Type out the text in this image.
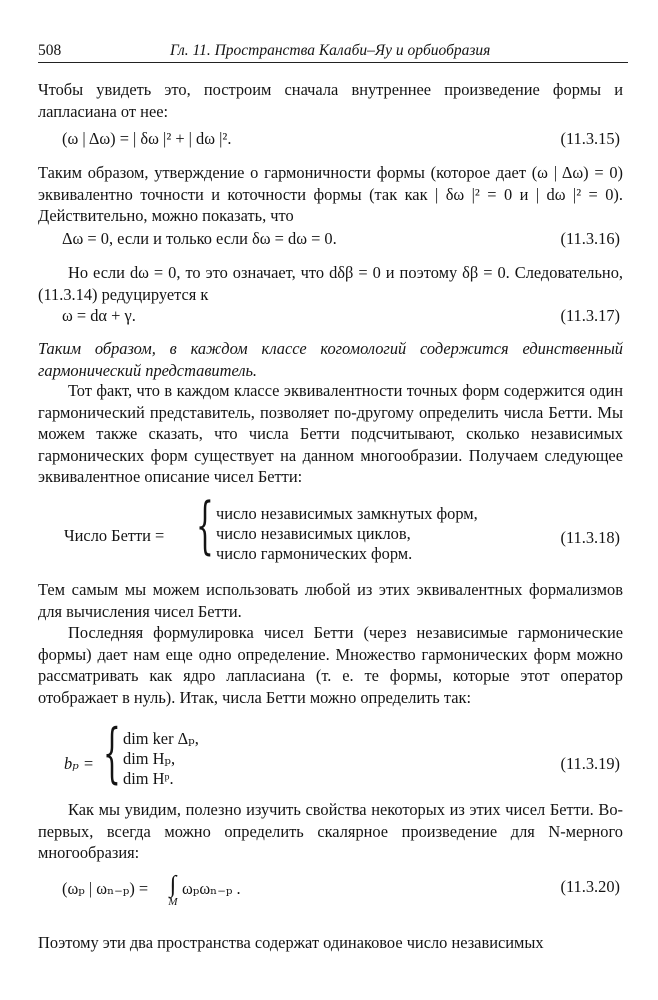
508	Гл. 11. Пространства Калаби–Яу и орбиобразия
Чтобы увидеть это, построим сначала внутреннее произведение формы и лапласиана от нее:
(ω | Δω) = | δω |² + | dω |².	(11.3.15)
Таким образом, утверждение о гармоничности формы (которое дает (ω | Δω) = 0) эквивалентно точности и коточности формы (так как | δω |² = 0 и | dω |² = 0). Действительно, можно показать, что
Δω = 0, если и только если δω = dω = 0.	(11.3.16)
Но если dω = 0, то это означает, что dδβ = 0 и поэтому δβ = 0. Следовательно, (11.3.14) редуцируется к
ω = dα + γ.	(11.3.17)
Таким образом, в каждом классе когомологий содержится единственный гармонический представитель.
Тот факт, что в каждом классе эквивалентности точных форм содержится один гармонический представитель, позволяет по-другому определить числа Бетти. Мы можем также сказать, что числа Бетти подсчитывают, сколько независимых гармонических форм существует на данном многообразии. Получаем следующее эквивалентное описание чисел Бетти:
Число Бетти = { число независимых замкнутых форм,
число независимых циклов,
число гармонических форм.
(11.3.18)
Тем самым мы можем использовать любой из этих эквивалентных формализмов для вычисления чисел Бетти.
Последняя формулировка чисел Бетти (через независимые гармонические формы) дает нам еще одно определение. Множество гармонических форм можно рассматривать как ядро лапласиана (т. е. те формы, которые этот оператор отображает в нуль). Итак, числа Бетти можно определить так:
bₚ = { dim ker Δₚ,
dim Hₚ,
dim Hᵖ.
(11.3.19)
Как мы увидим, полезно изучить свойства некоторых из этих чисел Бетти. Во-первых, всегда можно определить скалярное произведение для N-мерного многообразия:
(ωₚ | ωₙ₋ₚ) = ∫
M
ωₚωₙ₋ₚ .	(11.3.20)
Поэтому эти два пространства содержат одинаковое число независимых
